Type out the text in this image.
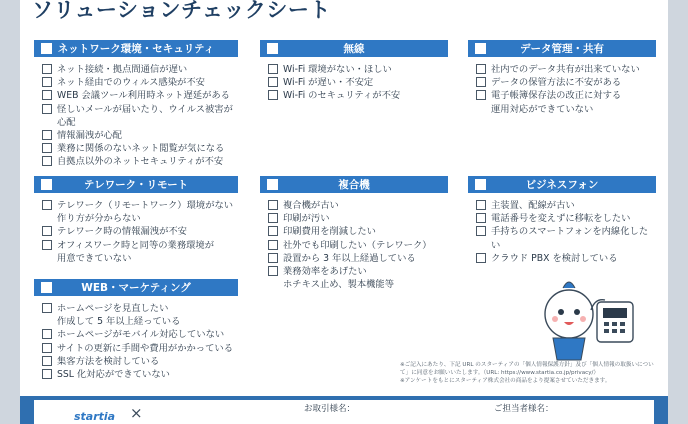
ソリューションチェックシート
ネットワーク環境・セキュリティ
ネット接続・拠点間通信が遅い
ネット経由でのウィルス感染が不安
WEB 会議ツール利用時ネット遅延がある
怪しいメールが届いたり、ウイルス被害が心配
情報漏洩が心配
業務に関係のないネット閲覧が気になる
自拠点以外のネットセキュリティが不安
無線
Wi-Fi 環境がない・ほしい
Wi-Fi が遅い・不安定
Wi-Fi のセキュリティが不安
データ管理・共有
社内でのデータ共有が出来ていない
データの保管方法に不安がある
電子帳簿保存法の改正に対する
運用対応ができていない
テレワーク・リモート
テレワーク（リモートワーク）環境がない
作り方が分からない
テレワーク時の情報漏洩が不安
オフィスワーク時と同等の業務環境が
用意できていない
複合機
複合機が古い
印刷が汚い
印刷費用を削減したい
社外でも印刷したい（テレワーク）
設置から 3 年以上経過している
業務効率をあげたい
ホチキス止め、製本機能等
ビジネスフォン
主装置、配線が古い
電話番号を変えずに移転をしたい
手持ちのスマートフォンを内線化したい
クラウド PBX を検討している
WEB・マーケティング
ホームページを見直したい
作成して 5 年以上経っている
ホームページがモバイル対応していない
サイトの更新に手間や費用がかかっている
集客方法を検討している
SSL 化対応ができていない
※ご記入にあたり、下記 URL のスターティアの「個人情報保護方針」及び「個人情報の取扱いについて」に同意をお願いいたします。（URL: https://www.startia.co.jp/privacy/）
※アンケートをもとにスターティア株式会社の商品をより提案させていただきます。
startia ×	お取引様名：	ご担当者様名：
